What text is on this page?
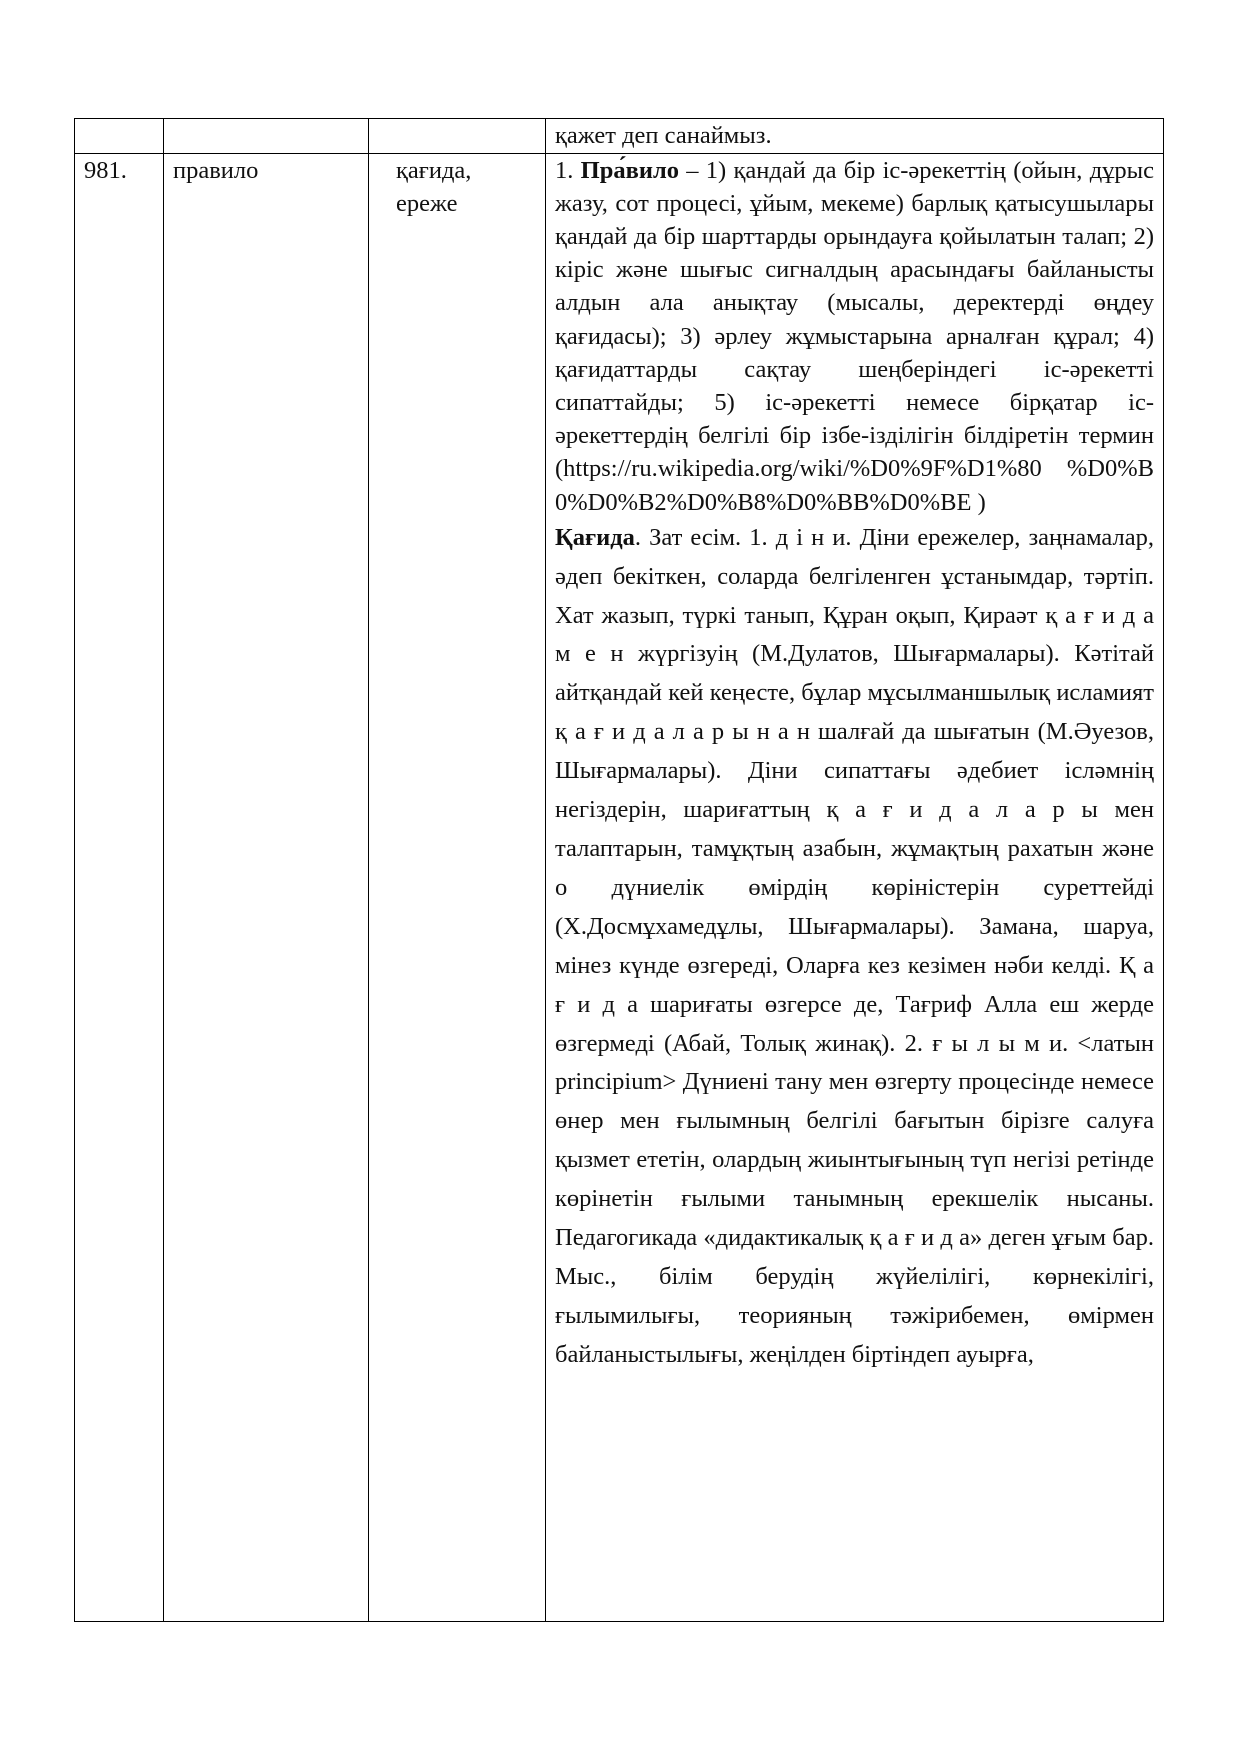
			қажет деп санаймыз.
981.	правило	қағида, ереже	1. Пра́вило – 1) қандай да бір іс-әрекеттің (ойын, дұрыс жазу, сот процесі, ұйым, мекеме) барлық қатысушылары қандай да бір шарттарды орындауға қойылатын талап; 2) кіріс және шығыс сигналдың арасындағы байланысты алдын ала анықтау (мысалы, деректерді өңдеу қағидасы); 3) әрлеу жұмыстарына арналған құрал; 4) қағидаттарды сақтау шеңберіндегі іс-әрекетті сипаттайды; 5) іс-әрекетті немесе бірқатар іс-әрекеттердің белгілі бір ізбе-ізділігін білдіретін термин (https://ru.wikipedia.org/wiki/%D0%9F%D1%80 %D0%B0%D0%B2%D0%B8%D0%BB%D0%BE )

Қағида. Зат есім. 1. д і н и. Діни ережелер, заңнамалар, әдеп бекіткен, соларда белгіленген ұстанымдар, тәртіп. Хат жазып, түркі танып, Құран оқып, Қираәт қ а ғ и д а м е н жүргізуің (М.Дулатов, Шығармалары). Кәтітай айтқандай кей кеңесте, бұлар мұсылманшылық исламият қ а ғ и д а л а р ы н а н шалғай да шығатын (М.Әуезов, Шығармалары). Діни сипаттағы әдебиет ісләмнің негіздерін, шариғаттың қ а ғ и д а л а р ы мен талаптарын, тамұқтың азабын, жұмақтың рахатын және о дүниелік өмірдің көріністерін суреттейді (Х.Досмұхамедұлы, Шығармалары). Замана, шаруа, мінез күнде өзгереді, Оларға кез кезімен нәби келді. Қ а ғ и д а шариғаты өзгерсе де, Тағриф Алла еш жерде өзгермеді (Абай, Толық жинақ). 2. ғ ы л ы м и. <латын principium> Дүниені тану мен өзгерту процесінде немесе өнер мен ғылымның белгілі бағытын бірізге салуға қызмет ететін, олардың жиынтығының түп негізі ретінде көрінетін ғылыми танымның ерекшелік нысаны. Педагогикада «дидактикалық қ а ғ и д а» деген ұғым бар. Мыс., білім берудің жүйелілігі, көрнекілігі, ғылымилығы, теорияның тәжірибемен, өмірмен байланыстылығы, жеңілден біртіндеп ауырға,
